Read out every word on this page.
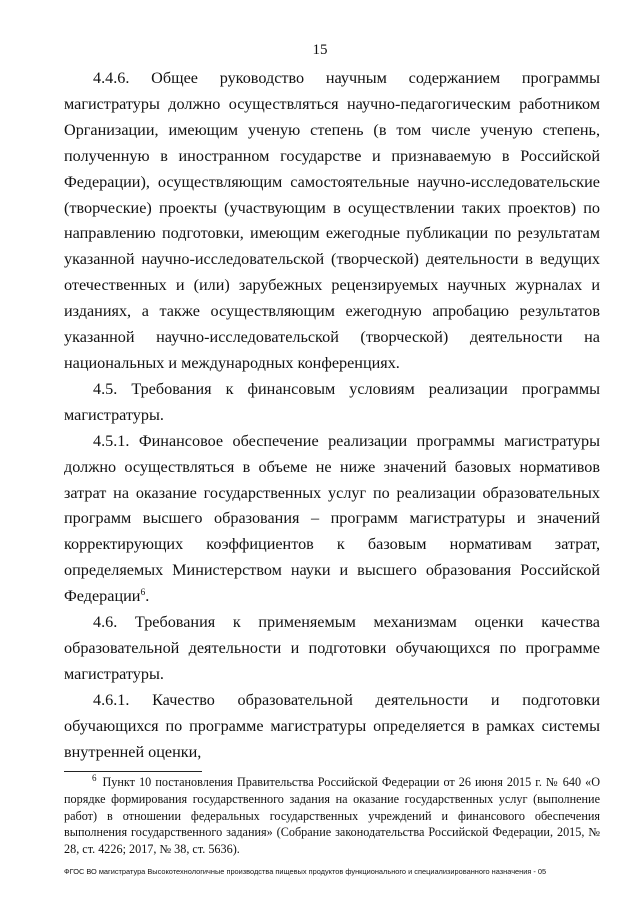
15

4.4.6. Общее руководство научным содержанием программы магистратуры должно осуществляться научно-педагогическим работником Организации, имеющим ученую степень (в том числе ученую степень, полученную в иностранном государстве и признаваемую в Российской Федерации), осуществляющим самостоятельные научно-исследовательские (творческие) проекты (участвующим в осуществлении таких проектов) по направлению подготовки, имеющим ежегодные публикации по результатам указанной научно-исследовательской (творческой) деятельности в ведущих отечественных и (или) зарубежных рецензируемых научных журналах и изданиях, а также осуществляющим ежегодную апробацию результатов указанной научно-исследовательской (творческой) деятельности на национальных и международных конференциях.

4.5. Требования к финансовым условиям реализации программы магистратуры.

4.5.1. Финансовое обеспечение реализации программы магистратуры должно осуществляться в объеме не ниже значений базовых нормативов затрат на оказание государственных услуг по реализации образовательных программ высшего образования – программ магистратуры и значений корректирующих коэффициентов к базовым нормативам затрат, определяемых Министерством науки и высшего образования Российской Федерации$^6$.

4.6. Требования к применяемым механизмам оценки качества образовательной деятельности и подготовки обучающихся по программе магистратуры.

4.6.1. Качество образовательной деятельности и подготовки обучающихся по программе магистратуры определяется в рамках системы внутренней оценки,

$^6$ Пункт 10 постановления Правительства Российской Федерации от 26 июня 2015 г. № 640 «О порядке формирования государственного задания на оказание государственных услуг (выполнение работ) в отношении федеральных государственных учреждений и финансового обеспечения выполнения государственного задания» (Собрание законодательства Российской Федерации, 2015, № 28, ст. 4226; 2017, № 38, ст. 5636).

ФГОС ВО магистратура Высокотехнологичные производства пищевых продуктов функционального и специализированного назначения - 05
